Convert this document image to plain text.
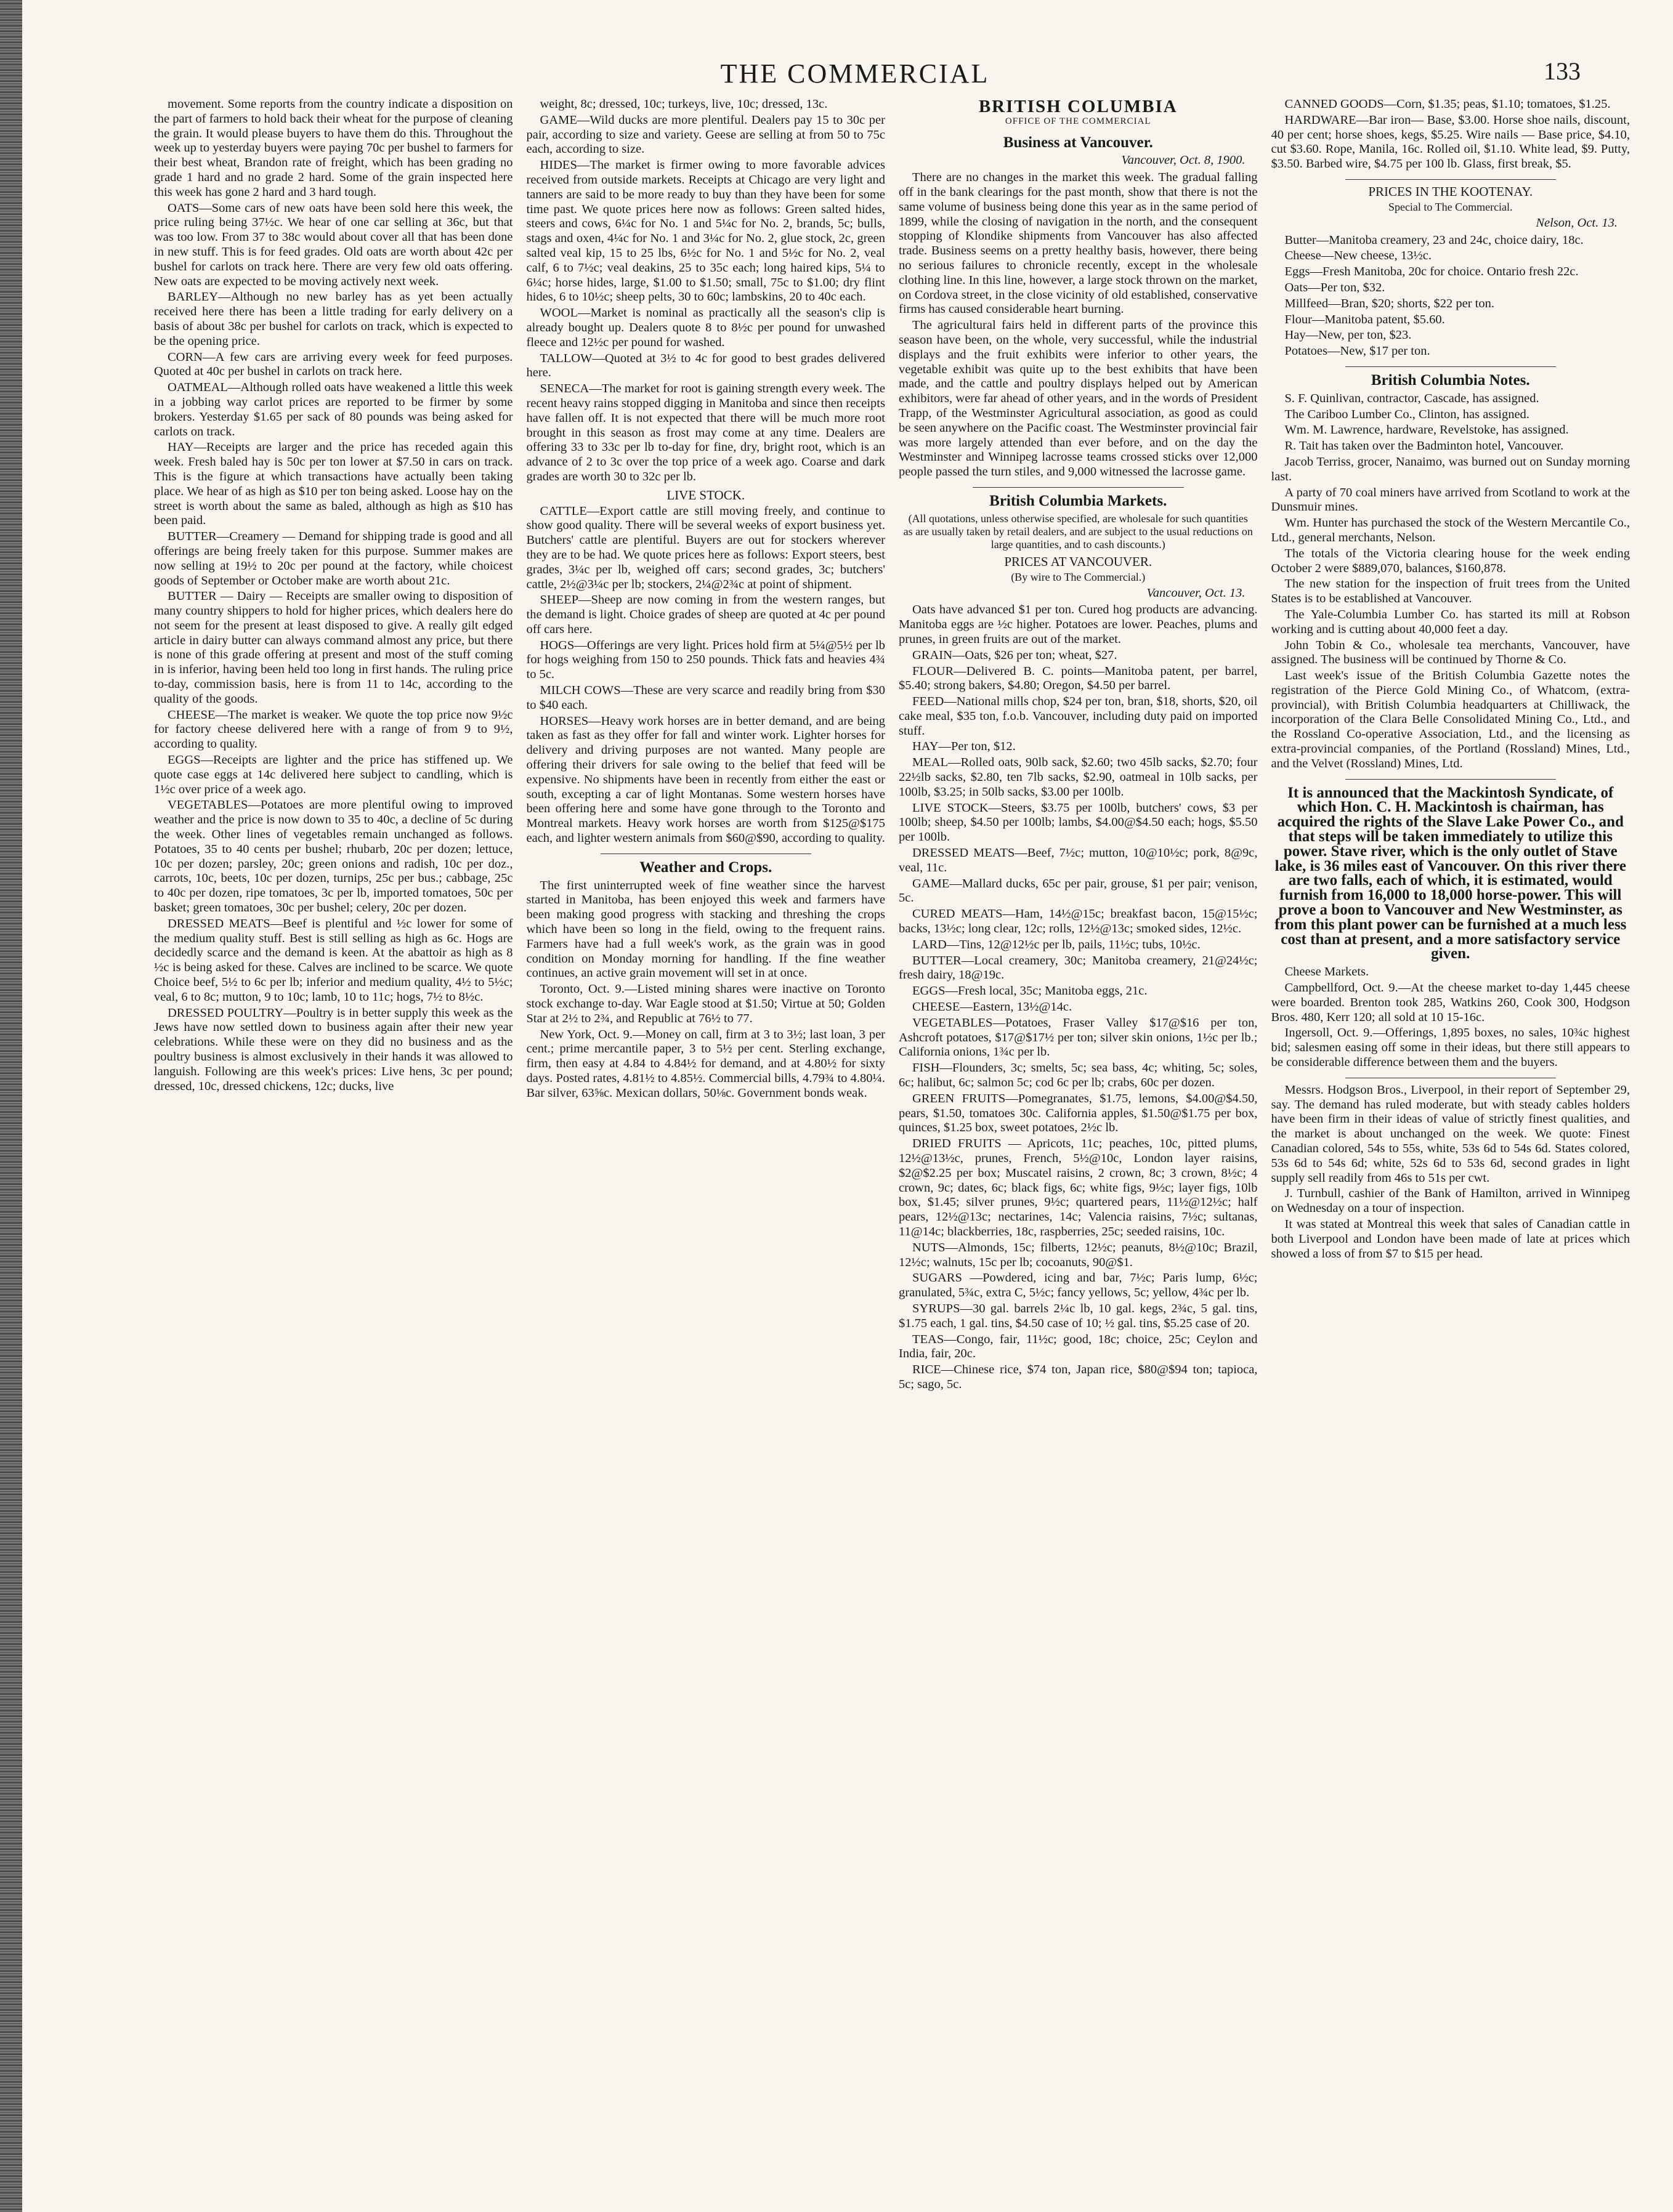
THE COMMERCIAL	133

movement. Some reports from the country indicate a disposition on the part of farmers to hold back their wheat for the purpose of cleaning the grain. It would please buyers to have them do this. Throughout the week up to yesterday buyers were paying 70c per bushel to farmers for their best wheat, Brandon rate of freight, which has been grading no grade 1 hard and no grade 2 hard. Some of the grain inspected here this week has gone 2 hard and 3 hard tough.

OATS—Some cars of new oats have been sold here this week, the price ruling being 37½c. We hear of one car selling at 36c, but that was too low. From 37 to 38c would about cover all that has been done in new stuff. This is for feed grades. Old oats are worth about 42c per bushel for carlots on track here. There are very few old oats offering. New oats are expected to be moving actively next week.

BARLEY—Although no new barley has as yet been actually received here there has been a little trading for early delivery on a basis of about 38c per bushel for carlots on track, which is expected to be the opening price.

CORN—A few cars are arriving every week for feed purposes. Quoted at 40c per bushel in carlots on track here.

OATMEAL—Although rolled oats have weakened a little this week in a jobbing way carlot prices are reported to be firmer by some brokers. Yesterday $1.65 per sack of 80 pounds was being asked for carlots on track.

HAY—Receipts are larger and the price has receded again this week. Fresh baled hay is 50c per ton lower at $7.50 in cars on track. This is the figure at which transactions have actually been taking place. We hear of as high as $10 per ton being asked. Loose hay on the street is worth about the same as baled, although as high as $10 has been paid.

BUTTER—Creamery — Demand for shipping trade is good and all offerings are being freely taken for this purpose. Summer makes are now selling at 19½ to 20c per pound at the factory, while choicest goods of September or October make are worth about 21c.

BUTTER — Dairy — Receipts are smaller owing to disposition of many country shippers to hold for higher prices, which dealers here do not seem for the present at least disposed to give. A really gilt edged article in dairy butter can always command almost any price, but there is none of this grade offering at present and most of the stuff coming in is inferior, having been held too long in first hands. The ruling price to-day, commission basis, here is from 11 to 14c, according to the quality of the goods.

CHEESE—The market is weaker. We quote the top price now 9½c for factory cheese delivered here with a range of from 9 to 9½, according to quality.

EGGS—Receipts are lighter and the price has stiffened up. We quote case eggs at 14c delivered here subject to candling, which is 1½c over price of a week ago.

VEGETABLES—Potatoes are more plentiful owing to improved weather and the price is now down to 35 to 40c, a decline of 5c during the week. Other lines of vegetables remain unchanged as follows. Potatoes, 35 to 40 cents per bushel; rhubarb, 20c per dozen; lettuce, 10c per dozen; parsley, 20c; green onions and radish, 10c per doz., carrots, 10c, beets, 10c per dozen, turnips, 25c per bus.; cabbage, 25c to 40c per dozen, ripe tomatoes, 3c per lb, imported tomatoes, 50c per basket; green tomatoes, 30c per bushel; celery, 20c per dozen.

DRESSED MEATS—Beef is plentiful and ½c lower for some of the medium quality stuff. Best is still selling as high as 6c. Hogs are decidedly scarce and the demand is keen. At the abattoir as high as 8 ½c is being asked for these. Calves are inclined to be scarce. We quote Choice beef, 5½ to 6c per lb; inferior and medium quality, 4½ to 5½c; veal, 6 to 8c; mutton, 9 to 10c; lamb, 10 to 11c; hogs, 7½ to 8½c.

DRESSED POULTRY—Poultry is in better supply this week as the Jews have now settled down to business again after their new year celebrations. While these were on they did no business and as the poultry business is almost exclusively in their hands it was allowed to languish. Following are this week's prices: Live hens, 3c per pound; dressed, 10c, dressed chickens, 12c; ducks, live

weight, 8c; dressed, 10c; turkeys, live, 10c; dressed, 13c.

GAME—Wild ducks are more plentiful. Dealers pay 15 to 30c per pair, according to size and variety. Geese are selling at from 50 to 75c each, according to size.

HIDES—The market is firmer owing to more favorable advices received from outside markets. Receipts at Chicago are very light and tanners are said to be more ready to buy than they have been for some time past. We quote prices here now as follows: Green salted hides, steers and cows, 6¼c for No. 1 and 5¼c for No. 2, brands, 5c; bulls, stags and oxen, 4¼c for No. 1 and 3¼c for No. 2, glue stock, 2c, green salted veal kip, 15 to 25 lbs, 6½c for No. 1 and 5½c for No. 2, veal calf, 6 to 7½c; veal deakins, 25 to 35c each; long haired kips, 5¼ to 6¼c; horse hides, large, $1.00 to $1.50; small, 75c to $1.00; dry flint hides, 6 to 10½c; sheep pelts, 30 to 60c; lambskins, 20 to 40c each.

WOOL—Market is nominal as practically all the season's clip is already bought up. Dealers quote 8 to 8½c per pound for unwashed fleece and 12½c per pound for washed.

TALLOW—Quoted at 3½ to 4c for good to best grades delivered here.

SENECA—The market for root is gaining strength every week. The recent heavy rains stopped digging in Manitoba and since then receipts have fallen off. It is not expected that there will be much more root brought in this season as frost may come at any time. Dealers are offering 33 to 33c per lb to-day for fine, dry, bright root, which is an advance of 2 to 3c over the top price of a week ago. Coarse and dark grades are worth 30 to 32c per lb.

LIVE STOCK.

CATTLE—Export cattle are still moving freely, and continue to show good quality. There will be several weeks of export business yet. Butchers' cattle are plentiful. Buyers are out for stockers wherever they are to be had. We quote prices here as follows: Export steers, best grades, 3¼c per lb, weighed off cars; second grades, 3c; butchers' cattle, 2½@3¼c per lb; stockers, 2¼@2¾c at point of shipment.

SHEEP—Sheep are now coming in from the western ranges, but the demand is light. Choice grades of sheep are quoted at 4c per pound off cars here.

HOGS—Offerings are very light. Prices hold firm at 5¼@5½ per lb for hogs weighing from 150 to 250 pounds. Thick fats and heavies 4¾ to 5c.

MILCH COWS—These are very scarce and readily bring from $30 to $40 each.

HORSES—Heavy work horses are in better demand, and are being taken as fast as they offer for fall and winter work. Lighter horses for delivery and driving purposes are not wanted. Many people are offering their drivers for sale owing to the belief that feed will be expensive. No shipments have been in recently from either the east or south, excepting a car of light Montanas. Some western horses have been offering here and some have gone through to the Toronto and Montreal markets. Heavy work horses are worth from $125@$175 each, and lighter western animals from $60@$90, according to quality.

Weather and Crops.

The first uninterrupted week of fine weather since the harvest started in Manitoba, has been enjoyed this week and farmers have been making good progress with stacking and threshing the crops which have been so long in the field, owing to the frequent rains. Farmers have had a full week's work, as the grain was in good condition on Monday morning for handling. If the fine weather continues, an active grain movement will set in at once.

Toronto, Oct. 9.—Listed mining shares were inactive on Toronto stock exchange to-day. War Eagle stood at $1.50; Virtue at 50; Golden Star at 2½ to 2¾, and Republic at 76½ to 77.

New York, Oct. 9.—Money on call, firm at 3 to 3½; last loan, 3 per cent.; prime mercantile paper, 3 to 5½ per cent. Sterling exchange, firm, then easy at 4.84 to 4.84½ for demand, and at 4.80½ for sixty days. Posted rates, 4.81½ to 4.85½. Commercial bills, 4.79¾ to 4.80¼. Bar silver, 63⅝c. Mexican dollars, 50⅛c. Government bonds weak.

BRITISH COLUMBIA

OFFICE OF THE COMMERCIAL

Business at Vancouver.

Vancouver, Oct. 8, 1900.

There are no changes in the market this week. The gradual falling off in the bank clearings for the past month, show that there is not the same volume of business being done this year as in the same period of 1899, while the closing of navigation in the north, and the consequent stopping of Klondike shipments from Vancouver has also affected trade. Business seems on a pretty healthy basis, however, there being no serious failures to chronicle recently, except in the wholesale clothing line. In this line, however, a large stock thrown on the market, on Cordova street, in the close vicinity of old established, conservative firms has caused considerable heart burning.

The agricultural fairs held in different parts of the province this season have been, on the whole, very successful, while the industrial displays and the fruit exhibits were inferior to other years, the vegetable exhibit was quite up to the best exhibits that have been made, and the cattle and poultry displays helped out by American exhibitors, were far ahead of other years, and in the words of President Trapp, of the Westminster Agricultural association, as good as could be seen anywhere on the Pacific coast. The Westminster provincial fair was more largely attended than ever before, and on the day the Westminster and Winnipeg lacrosse teams crossed sticks over 12,000 people passed the turn stiles, and 9,000 witnessed the lacrosse game.

British Columbia Markets.

(All quotations, unless otherwise specified, are wholesale for such quantities as are usually taken by retail dealers, and are subject to the usual reductions on large quantities, and to cash discounts.)

PRICES AT VANCOUVER.

(By wire to The Commercial.)

Vancouver, Oct. 13.

Oats have advanced $1 per ton. Cured hog products are advancing. Manitoba eggs are ½c higher. Potatoes are lower. Peaches, plums and prunes, in green fruits are out of the market.

GRAIN—Oats, $26 per ton; wheat, $27.

FLOUR—Delivered B. C. points—Manitoba patent, per barrel, $5.40; strong bakers, $4.80; Oregon, $4.50 per barrel.

FEED—National mills chop, $24 per ton, bran, $18, shorts, $20, oil cake meal, $35 ton, f.o.b. Vancouver, including duty paid on imported stuff.

HAY—Per ton, $12.

MEAL—Rolled oats, 90lb sack, $2.60; two 45lb sacks, $2.70; four 22½lb sacks, $2.80, ten 7lb sacks, $2.90, oatmeal in 10lb sacks, per 100lb, $3.25; in 50lb sacks, $3.00 per 100lb.

LIVE STOCK—Steers, $3.75 per 100lb, butchers' cows, $3 per 100lb; sheep, $4.50 per 100lb; lambs, $4.00@$4.50 each; hogs, $5.50 per 100lb.

DRESSED MEATS—Beef, 7½c; mutton, 10@10½c; pork, 8@9c, veal, 11c.

GAME—Mallard ducks, 65c per pair, grouse, $1 per pair; venison, 5c.

CURED MEATS—Ham, 14½@15c; breakfast bacon, 15@15½c; backs, 13½c; long clear, 12c; rolls, 12½@13c; smoked sides, 12½c.

LARD—Tins, 12@12½c per lb, pails, 11½c; tubs, 10½c.

BUTTER—Local creamery, 30c; Manitoba creamery, 21@24½c; fresh dairy, 18@19c.

EGGS—Fresh local, 35c; Manitoba eggs, 21c.

CHEESE—Eastern, 13½@14c.

VEGETABLES—Potatoes, Fraser Valley $17@$16 per ton, Ashcroft potatoes, $17@$17½ per ton; silver skin onions, 1½c per lb.; California onions, 1¾c per lb.

FISH—Flounders, 3c; smelts, 5c; sea bass, 4c; whiting, 5c; soles, 6c; halibut, 6c; salmon 5c; cod 6c per lb; crabs, 60c per dozen.

GREEN FRUITS—Pomegranates, $1.75, lemons, $4.00@$4.50, pears, $1.50, tomatoes 30c. California apples, $1.50@$1.75 per box, quinces, $1.25 box, sweet potatoes, 2½c lb.

DRIED FRUITS — Apricots, 11c; peaches, 10c, pitted plums, 12½@13½c, prunes, French, 5½@10c, London layer raisins, $2@$2.25 per box; Muscatel raisins, 2 crown, 8c; 3 crown, 8½c; 4 crown, 9c; dates, 6c; black figs, 6c; white figs, 9½c; layer figs, 10lb box, $1.45; silver prunes, 9½c; quartered pears, 11½@12½c; half pears, 12½@13c; nectarines, 14c; Valencia raisins, 7½c; sultanas, 11@14c; blackberries, 18c, raspberries, 25c; seeded raisins, 10c.

NUTS—Almonds, 15c; filberts, 12½c; peanuts, 8½@10c; Brazil, 12½c; walnuts, 15c per lb; cocoanuts, 90@$1.

SUGARS —Powdered, icing and bar, 7½c; Paris lump, 6½c; granulated, 5¾c, extra C, 5½c; fancy yellows, 5c; yellow, 4¾c per lb.

SYRUPS—30 gal. barrels 2¼c lb, 10 gal. kegs, 2¾c, 5 gal. tins, $1.75 each, 1 gal. tins, $4.50 case of 10; ½ gal. tins, $5.25 case of 20.

TEAS—Congo, fair, 11½c; good, 18c; choice, 25c; Ceylon and India, fair, 20c.

RICE—Chinese rice, $74 ton, Japan rice, $80@$94 ton; tapioca, 5c; sago, 5c.

CANNED GOODS—Corn, $1.35; peas, $1.10; tomatoes, $1.25.

HARDWARE—Bar iron— Base, $3.00. Horse shoe nails, discount, 40 per cent; horse shoes, kegs, $5.25. Wire nails — Base price, $4.10, cut $3.60. Rope, Manila, 16c. Rolled oil, $1.10. White lead, $9. Putty, $3.50. Barbed wire, $4.75 per 100 lb. Glass, first break, $5.

PRICES IN THE KOOTENAY.

Special to The Commercial.

Nelson, Oct. 13.

Butter—Manitoba creamery, 23 and 24c, choice dairy, 18c.

Cheese—New cheese, 13½c.

Eggs—Fresh Manitoba, 20c for choice. Ontario fresh 22c.

Oats—Per ton, $32.

Millfeed—Bran, $20; shorts, $22 per ton.

Flour—Manitoba patent, $5.60.

Hay—New, per ton, $23.

Potatoes—New, $17 per ton.

British Columbia Notes.

S. F. Quinlivan, contractor, Cascade, has assigned.

The Cariboo Lumber Co., Clinton, has assigned.

Wm. M. Lawrence, hardware, Revelstoke, has assigned.

R. Tait has taken over the Badminton hotel, Vancouver.

Jacob Terriss, grocer, Nanaimo, was burned out on Sunday morning last.

A party of 70 coal miners have arrived from Scotland to work at the Dunsmuir mines.

Wm. Hunter has purchased the stock of the Western Mercantile Co., Ltd., general merchants, Nelson.

The totals of the Victoria clearing house for the week ending October 2 were $889,070, balances, $160,878.

The new station for the inspection of fruit trees from the United States is to be established at Vancouver.

The Yale-Columbia Lumber Co. has started its mill at Robson working and is cutting about 40,000 feet a day.

John Tobin & Co., wholesale tea merchants, Vancouver, have assigned. The business will be continued by Thorne & Co.

Last week's issue of the British Columbia Gazette notes the registration of the Pierce Gold Mining Co., of Whatcom, (extra-provincial), with British Columbia headquarters at Chilliwack, the incorporation of the Clara Belle Consolidated Mining Co., Ltd., and the Rossland Co-operative Association, Ltd., and the licensing as extra-provincial companies, of the Portland (Rossland) Mines, Ltd., and the Velvet (Rossland) Mines, Ltd.

It is announced that the Mackintosh Syndicate, of which Hon. C. H. Mackintosh is chairman, has acquired the rights of the Slave Lake Power Co., and that steps will be taken immediately to utilize this power. Stave river, which is the only outlet of Stave lake, is 36 miles east of Vancouver. On this river there are two falls, each of which, it is estimated, would furnish from 16,000 to 18,000 horse-power. This will prove a boon to Vancouver and New Westminster, as from this plant power can be furnished at a much less cost than at present, and a more satisfactory service given.

Cheese Markets.

Campbellford, Oct. 9.—At the cheese market to-day 1,445 cheese were boarded. Brenton took 285, Watkins 260, Cook 300, Hodgson Bros. 480, Kerr 120; all sold at 10 15-16c.

Ingersoll, Oct. 9.—Offerings, 1,895 boxes, no sales, 10¾c highest bid; salesmen easing off some in their ideas, but there still appears to be considerable difference between them and the buyers.

Messrs. Hodgson Bros., Liverpool, in their report of September 29, say. The demand has ruled moderate, but with steady cables holders have been firm in their ideas of value of strictly finest qualities, and the market is about unchanged on the week. We quote: Finest Canadian colored, 54s to 55s, white, 53s 6d to 54s 6d. States colored, 53s 6d to 54s 6d; white, 52s 6d to 53s 6d, second grades in light supply sell readily from 46s to 51s per cwt.

J. Turnbull, cashier of the Bank of Hamilton, arrived in Winnipeg on Wednesday on a tour of inspection.

It was stated at Montreal this week that sales of Canadian cattle in both Liverpool and London have been made of late at prices which showed a loss of from $7 to $15 per head.
